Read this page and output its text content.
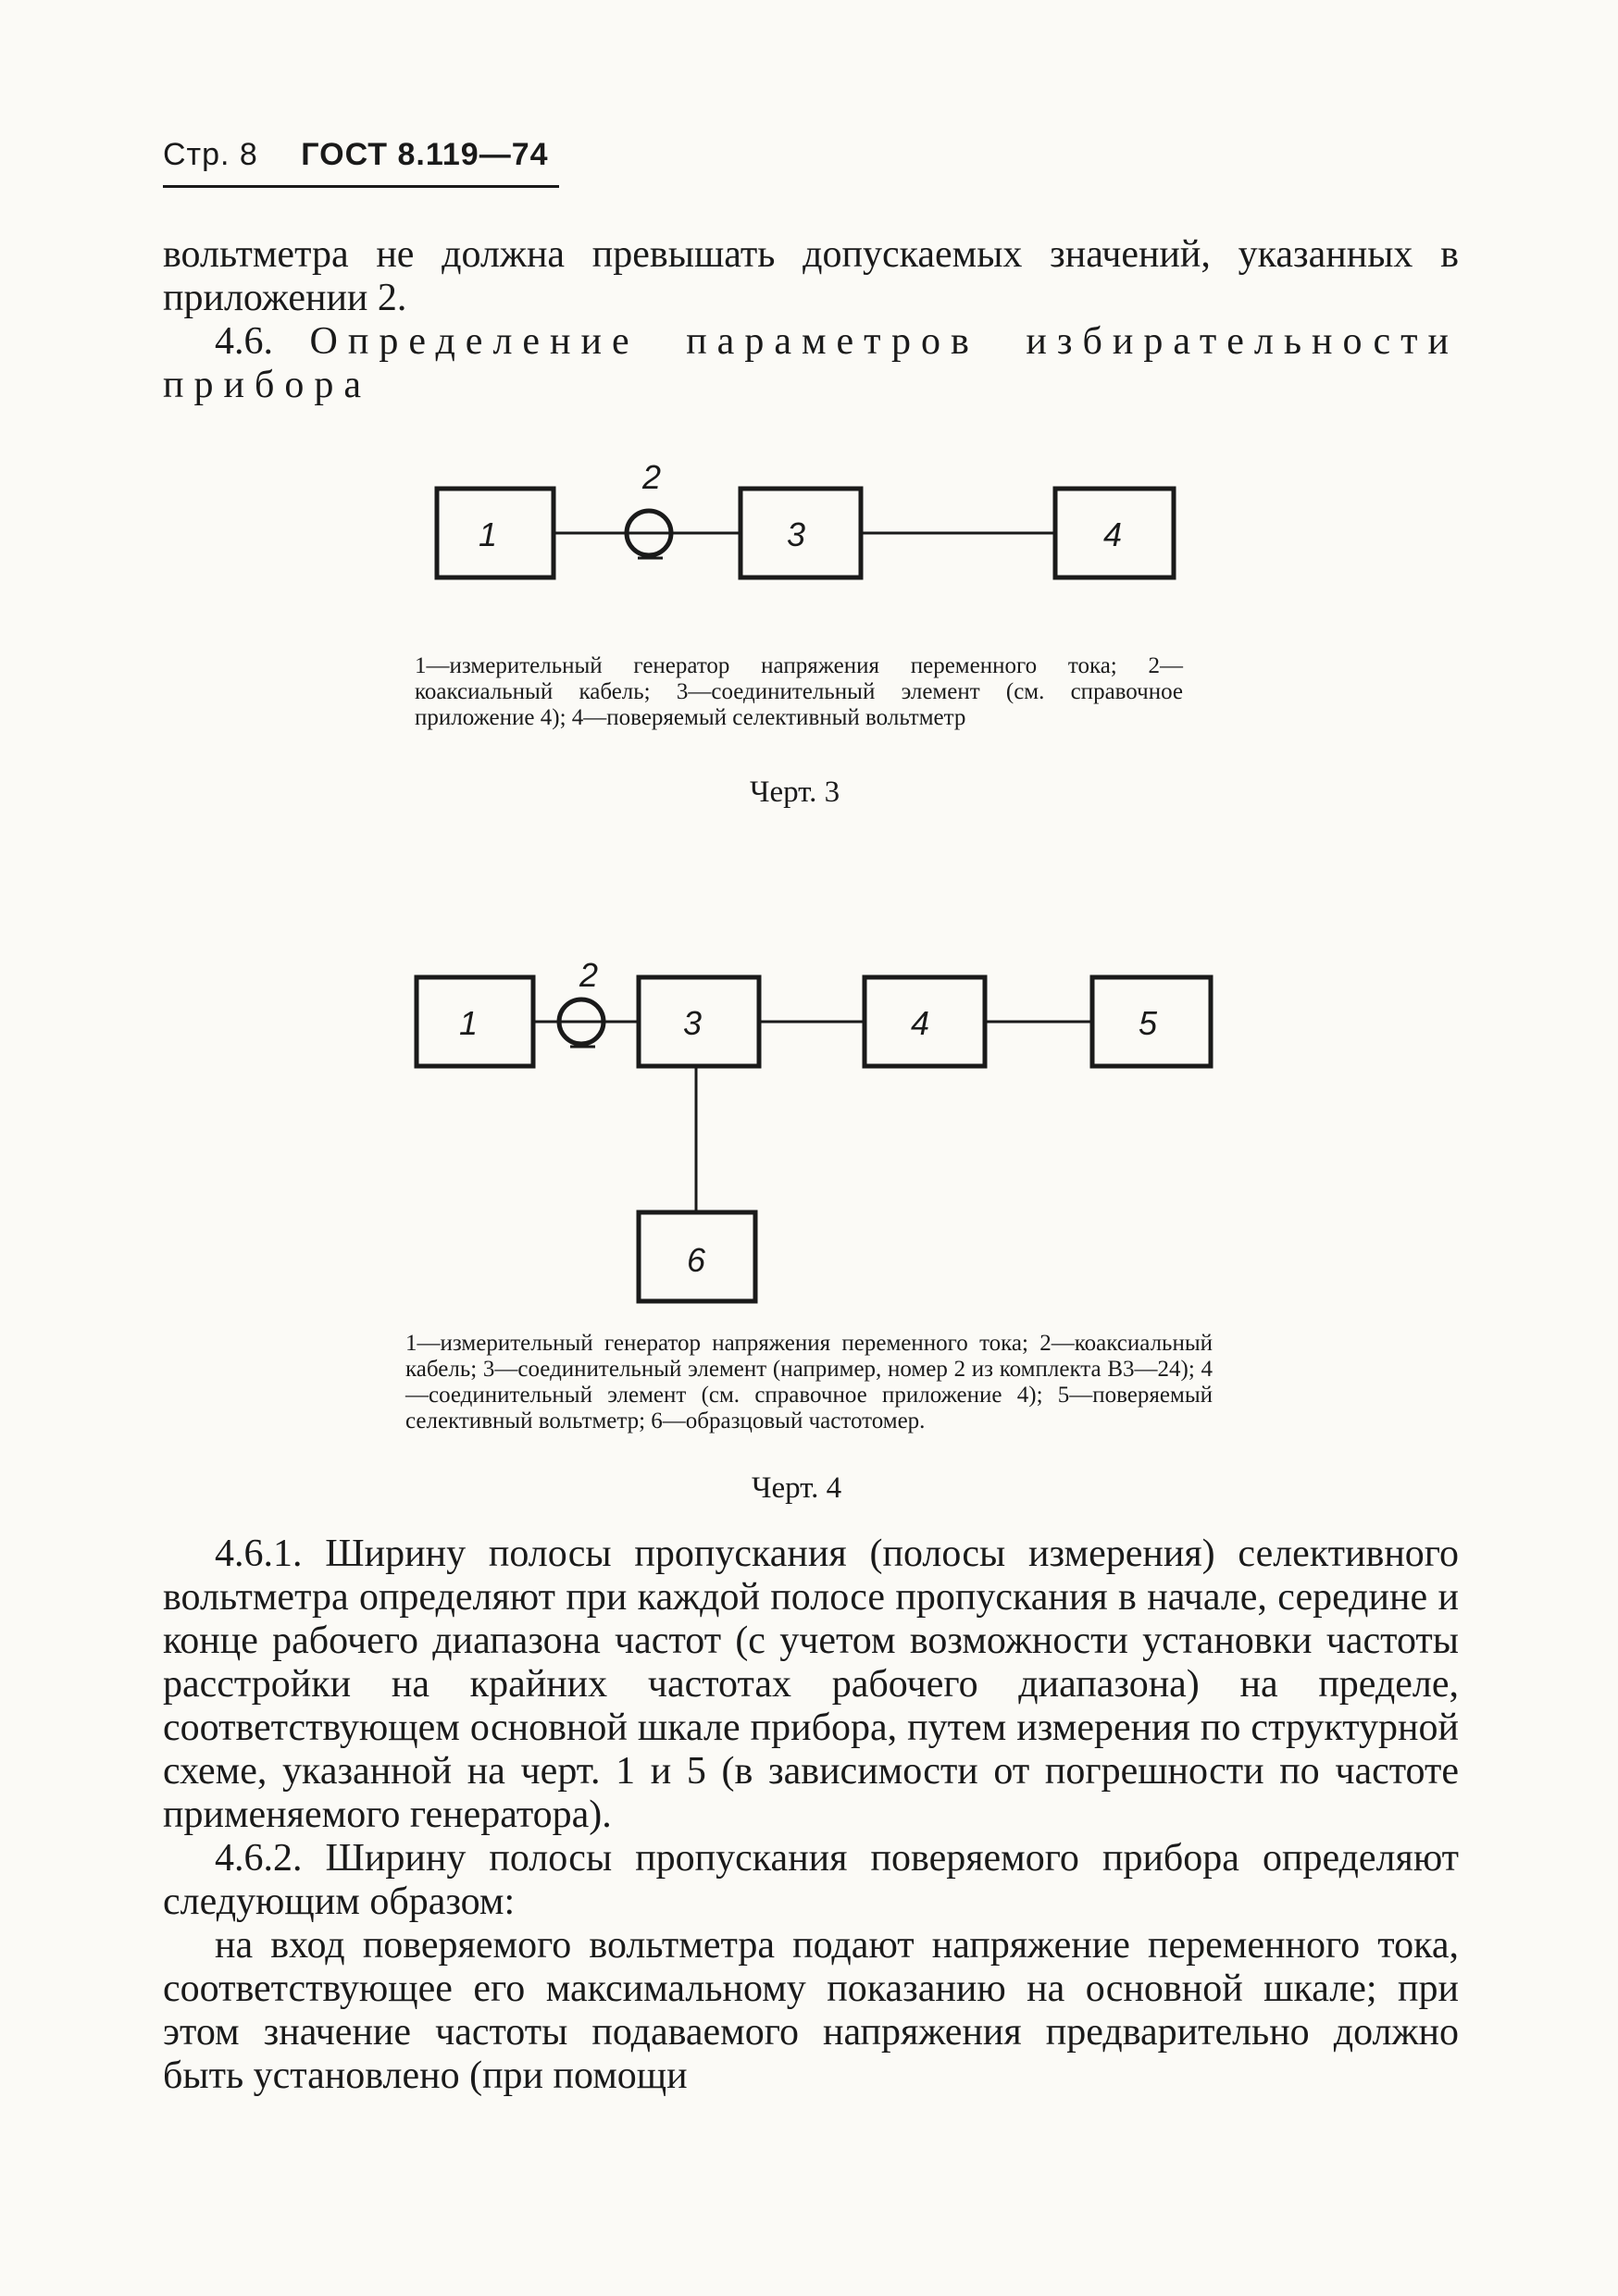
Стр. 8 ГОСТ 8.119—74
вольтметра не должна превышать допускаемых значений, указанных в приложении 2.
4.6. Определение параметров избирательности прибора
1
2
3	4
1
2
3	4	5
6
1—измерительный генератор напряжения переменного тока; 2—коаксиальный кабель; 3—соединительный элемент (см. справочное приложение 4); 4—поверяемый селективный вольтметр
Черт. 3
1—измерительный генератор напряжения переменного тока; 2—коаксиальный кабель; 3—соединительный элемент (например, номер 2 из комплекта В3—24); 4—соединительный элемент (см. справочное приложение 4); 5—поверяемый селективный вольтметр; 6—образцовый частотомер.
Черт. 4

4.6.1. Ширину полосы пропускания (полосы измерения) селективного вольтметра определяют при каждой полосе пропускания в начале, середине и конце рабочего диапазона частот (с учетом возможности установки частоты расстройки на крайних частотах рабочего диапазона) на пределе, соответствующем основной шкале прибора, путем измерения по структурной схеме, указанной на черт. 1 и 5 (в зависимости от погрешности по частоте применяемого генератора).

4.6.2. Ширину полосы пропускания поверяемого прибора определяют следующим образом:

на вход поверяемого вольтметра подают напряжение переменного тока, соответствующее его максимальному показанию на основной шкале; при этом значение частоты подаваемого напряжения предварительно должно быть установлено (при помощи
